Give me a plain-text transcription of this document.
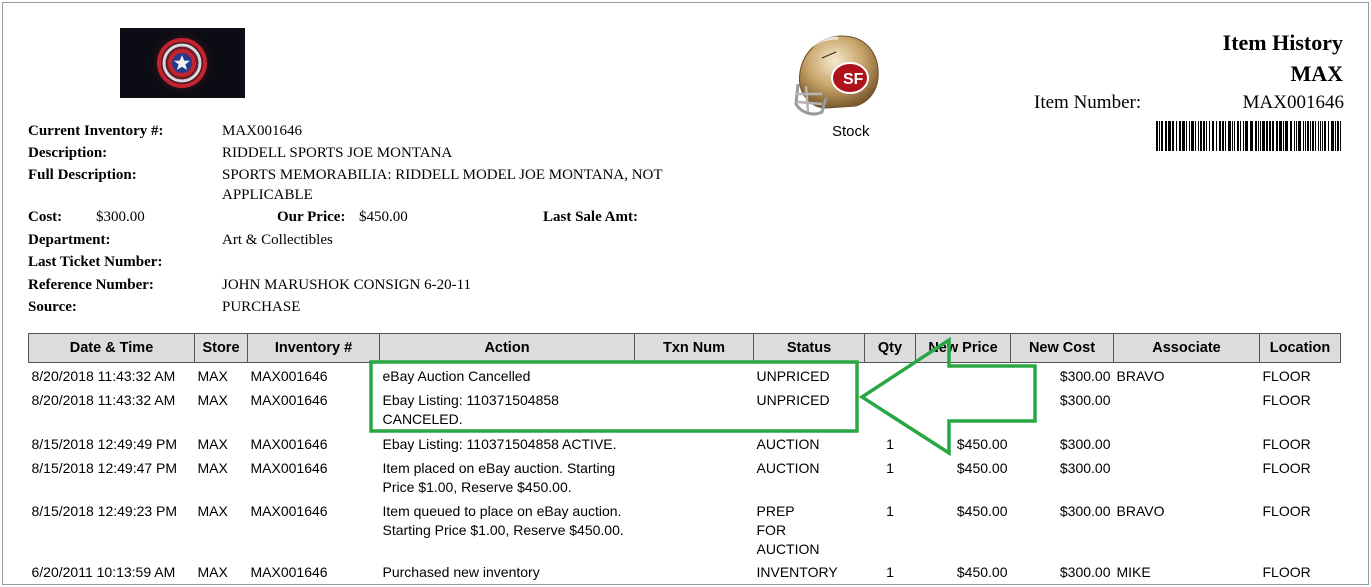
SF
Stock
Item History
MAX
Item Number:	MAX001646
Current Inventory #:	MAX001646
Description:	RIDDELL SPORTS JOE MONTANA
Full Description:	SPORTS MEMORABILIA: RIDDELL MODEL JOE MONTANA, NOT
APPLICABLE
Cost: $300.00	Our Price: $450.00	Last Sale Amt:
Department:	Art & Collectibles
Last Ticket Number:
Reference Number:	JOHN MARUSHOK CONSIGN 6-20-11
Source:	PURCHASE
Date & Time	Store	Inventory #	Action	Txn Num	Status	Qty	New Price	New Cost	Associate	Location
8/20/2018 11:43:32 AM	MAX	MAX001646	eBay Auction Cancelled		UNPRICED			$300.00	BRAVO	FLOOR
8/20/2018 11:43:32 AM	MAX	MAX001646	Ebay Listing: 110371504858 CANCELED.		UNPRICED			$300.00		FLOOR
8/15/2018 12:49:49 PM	MAX	MAX001646	Ebay Listing: 110371504858 ACTIVE.		AUCTION	1	$450.00	$300.00		FLOOR
8/15/2018 12:49:47 PM	MAX	MAX001646	Item placed on eBay auction. Starting Price $1.00, Reserve $450.00.		AUCTION	1	$450.00	$300.00		FLOOR
8/15/2018 12:49:23 PM	MAX	MAX001646	Item queued to place on eBay auction. Starting Price $1.00, Reserve $450.00.		PREP FOR AUCTION	1	$450.00	$300.00	BRAVO	FLOOR
6/20/2011 10:13:59 AM	MAX	MAX001646	Purchased new inventory		INVENTORY	1	$450.00	$300.00	MIKE	FLOOR
